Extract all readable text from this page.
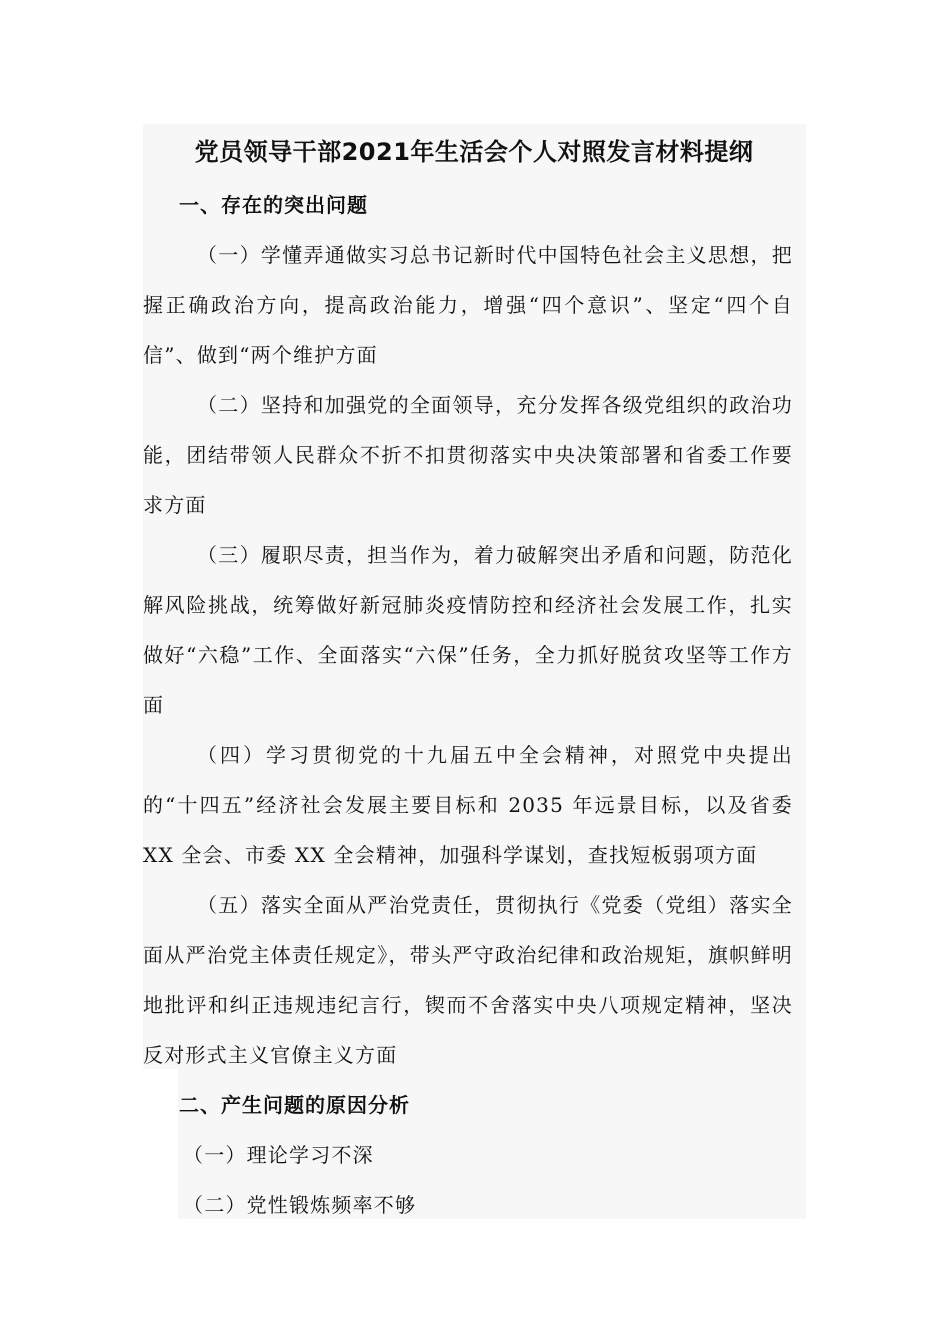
党员领导干部2021年生活会个人对照发言材料提纲
一、存在的突出问题

（一）学懂弄通做实习总书记新时代中国特色社会主义思想，把握正确政治方向，提高政治能力，增强“四个意识”、坚定“四个自信”、做到“两个维护方面

（二）坚持和加强党的全面领导，充分发挥各级党组织的政治功能，团结带领人民群众不折不扣贯彻落实中央决策部署和省委工作要求方面

（三）履职尽责，担当作为，着力破解突出矛盾和问题，防范化解风险挑战，统筹做好新冠肺炎疫情防控和经济社会发展工作，扎实做好“六稳”工作、全面落实“六保”任务，全力抓好脱贫攻坚等工作方面

（四）学习贯彻党的十九届五中全会精神，对照党中央提出的“十四五”经济社会发展主要目标和 2035 年远景目标，以及省委 XX 全会、市委 XX 全会精神，加强科学谋划，查找短板弱项方面

（五）落实全面从严治党责任，贯彻执行《党委（党组）落实全面从严治党主体责任规定》，带头严守政治纪律和政治规矩，旗帜鲜明地批评和纠正违规违纪言行，锲而不舍落实中央八项规定精神，坚决反对形式主义官僚主义方面

二、产生问题的原因分析

（一）理论学习不深

（二）党性锻炼频率不够
